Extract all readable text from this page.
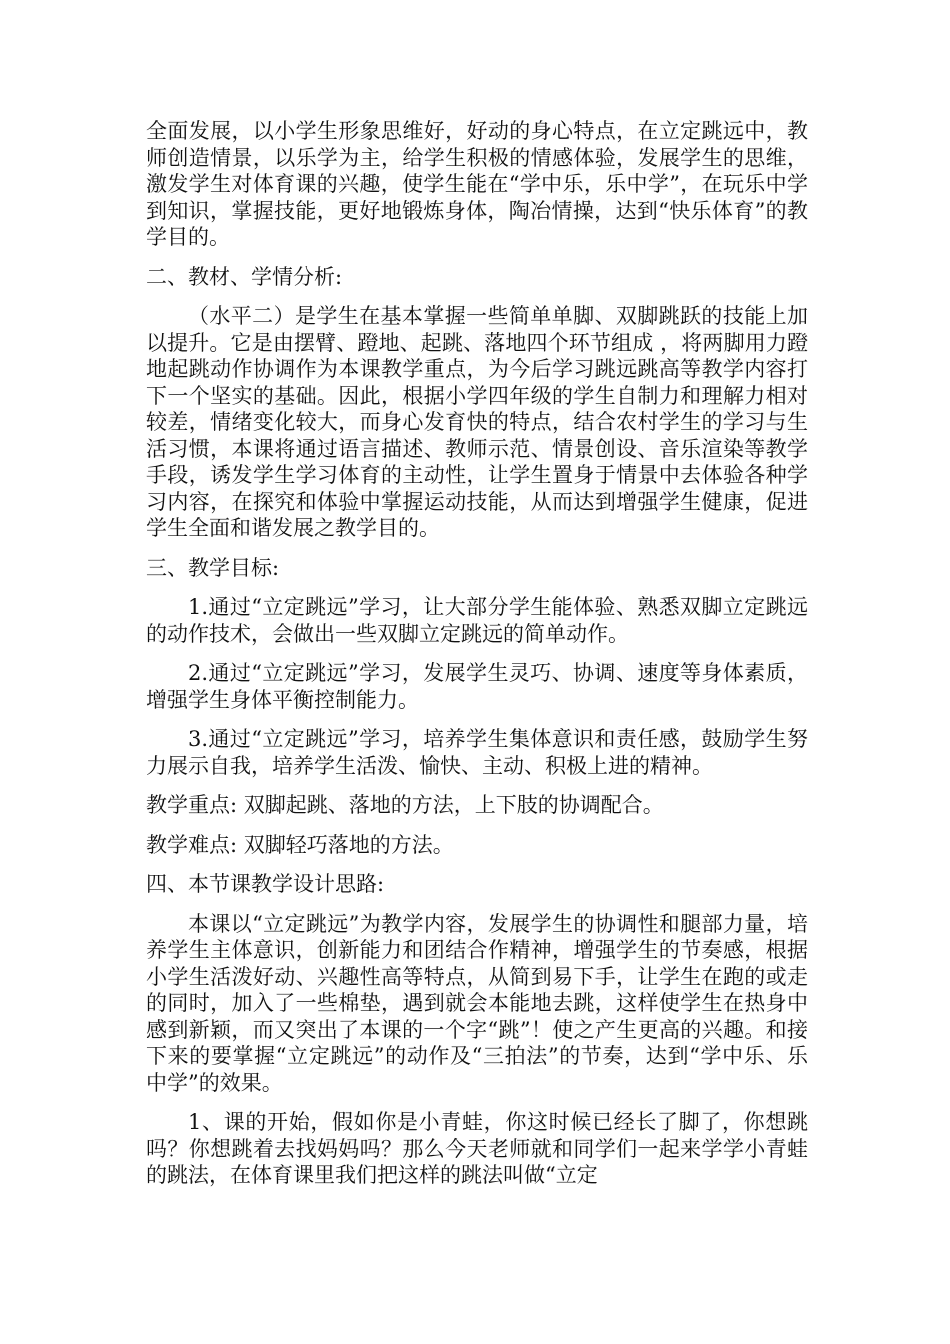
全面发展，以小学生形象思维好，好动的身心特点，在立定跳远中，教师创造情景，以乐学为主，给学生积极的情感体验，发展学生的思维，激发学生对体育课的兴趣，使学生能在“学中乐，乐中学”，在玩乐中学到知识，掌握技能，更好地锻炼身体，陶冶情操，达到“快乐体育”的教学目的。

二、教材、学情分析:

（水平二）是学生在基本掌握一些简单单脚、双脚跳跃的技能上加以提升。它是由摆臂、蹬地、起跳、落地四个环节组成 ，将两脚用力蹬地起跳动作协调作为本课教学重点，为今后学习跳远跳高等教学内容打下一个坚实的基础。因此，根据小学四年级的学生自制力和理解力相对较差，情绪变化较大，而身心发育快的特点，结合农村学生的学习与生活习惯，本课将通过语言描述、教师示范、情景创设、音乐渲染等教学手段，诱发学生学习体育的主动性，让学生置身于情景中去体验各种学习内容，在探究和体验中掌握运动技能，从而达到增强学生健康，促进学生全面和谐发展之教学目的。

三、教学目标:

1.通过“立定跳远”学习，让大部分学生能体验、熟悉双脚立定跳远的动作技术，会做出一些双脚立定跳远的简单动作。

2.通过“立定跳远”学习，发展学生灵巧、协调、速度等身体素质，增强学生身体平衡控制能力。

3.通过“立定跳远”学习，培养学生集体意识和责任感，鼓励学生努力展示自我，培养学生活泼、愉快、主动、积极上进的精神。

教学重点: 双脚起跳、落地的方法，上下肢的协调配合。

教学难点: 双脚轻巧落地的方法。

四、本节课教学设计思路:

本课以“立定跳远”为教学内容，发展学生的协调性和腿部力量，培养学生主体意识，创新能力和团结合作精神，增强学生的节奏感，根据小学生活泼好动、兴趣性高等特点，从简到易下手，让学生在跑的或走的同时，加入了一些棉垫，遇到就会本能地去跳，这样使学生在热身中感到新颖，而又突出了本课的一个字“跳”！使之产生更高的兴趣。和接下来的要掌握“立定跳远”的动作及“三拍法”的节奏，达到“学中乐、乐中学”的效果。

1、课的开始，假如你是小青蛙，你这时候已经长了脚了，你想跳吗？你想跳着去找妈妈吗？那么今天老师就和同学们一起来学学小青蛙的跳法，在体育课里我们把这样的跳法叫做“立定
